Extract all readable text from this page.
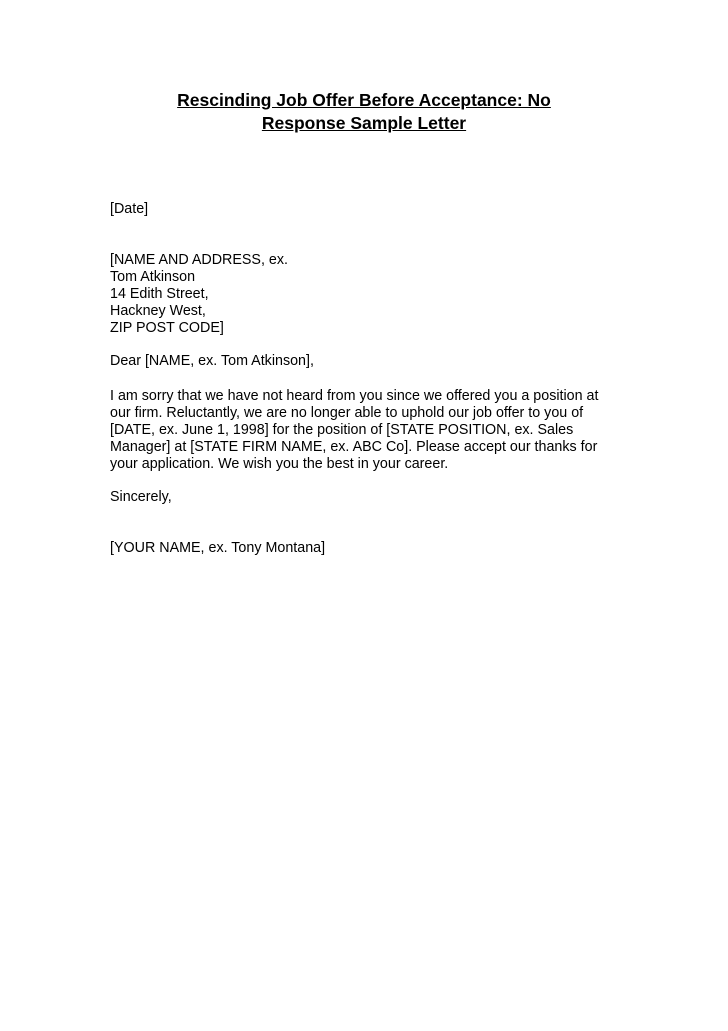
Rescinding Job Offer Before Acceptance: No
Response Sample Letter
[Date]
[NAME AND ADDRESS, ex.
Tom Atkinson
14 Edith Street,
Hackney West,
ZIP POST CODE]
Dear [NAME, ex. Tom Atkinson],
I am sorry that we have not heard from you since we offered you a position at
our firm. Reluctantly, we are no longer able to uphold our job offer to you of
[DATE, ex. June 1, 1998] for the position of [STATE POSITION, ex. Sales
Manager] at [STATE FIRM NAME, ex. ABC Co]. Please accept our thanks for
your application. We wish you the best in your career.
Sincerely,
[YOUR NAME, ex. Tony Montana]
